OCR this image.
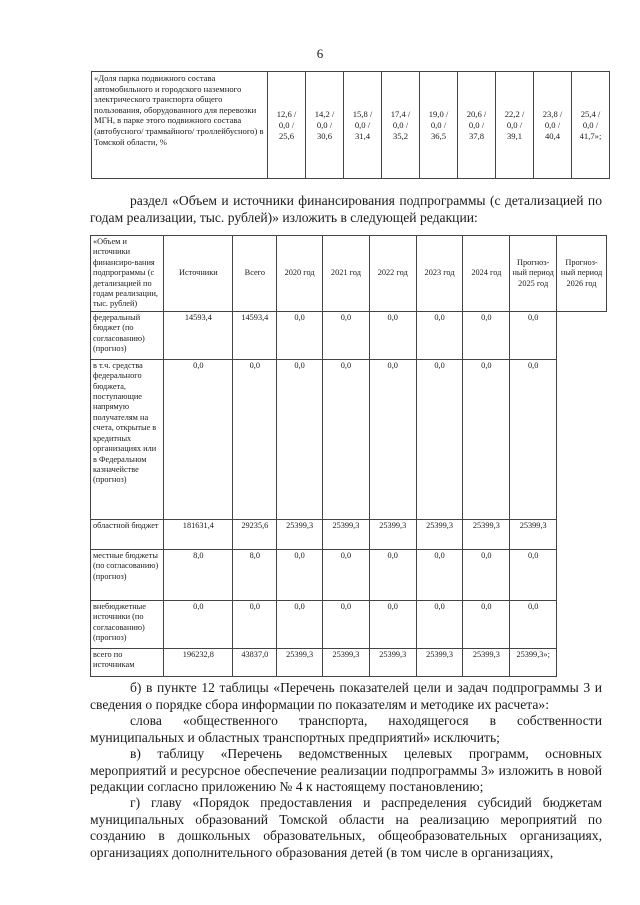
6
«Доля парка подвижного состава автомобильного и городского наземного электрического транспорта общего пользования, оборудованного для перевозки МГН, в парке этого подвижного состава (автобусного/ трамвайного/ троллейбусного) в Томской области, %	12,6 /
0,0 /
25,6	14,2 /
0,0 /
30,6	15,8 /
0,0 /
31,4	17,4 /
0,0 /
35,2	19,0 /
0,0 /
36,5	20,6 /
0,0 /
37,8	22,2 /
0,0 /
39,1	23,8 /
0,0 /
40,4	25,4 /
0,0 /
41,7»;
раздел «Объем и источники финансирования подпрограммы (с детализацией по годам реализации, тыс. рублей)» изложить в следующей редакции:
«Объем и источники финансиро-вания подпрограммы (с детализацией по годам реализации, тыс. рублей)	Источники	Всего	2020 год	2021 год	2022 год	2023 год	2024 год	Прогноз-ный период 2025 год	Прогноз-ный период 2026 год
федеральный бюджет (по согласованию) (прогноз)	14593,4	14593,4	0,0	0,0	0,0	0,0	0,0	0,0	
в т.ч. средства федерального бюджета, поступающие напрямую получателям на счета, открытые в кредитных организациях или в Федеральном казначействе (прогноз)	0,0	0,0	0,0	0,0	0,0	0,0	0,0	0,0	
областной бюджет	181631,4	29235,6	25399,3	25399,3	25399,3	25399,3	25399,3	25399,3	
местные бюджеты (по согласованию) (прогноз)	8,0	8,0	0,0	0,0	0,0	0,0	0,0	0,0	
внебюджетные источники (по согласованию) (прогноз)	0,0	0,0	0,0	0,0	0,0	0,0	0,0	0,0	
всего по источникам	196232,8	43837,0	25399,3	25399,3	25399,3	25399,3	25399,3	25399,3»;	
б) в пункте 12 таблицы «Перечень показателей цели и задач подпрограммы 3 и сведения о порядке сбора информации по показателям и методике их расчета»:
слова «общественного транспорта, находящегося в собственности муниципальных и областных транспортных предприятий» исключить;
в) таблицу «Перечень ведомственных целевых программ, основных мероприятий и ресурсное обеспечение реализации подпрограммы 3» изложить в новой редакции согласно приложению № 4 к настоящему постановлению;
г) главу «Порядок предоставления и распределения субсидий бюджетам муниципальных образований Томской области на реализацию мероприятий по созданию в дошкольных образовательных, общеобразовательных организациях, организациях дополнительного образования детей (в том числе в организациях,
